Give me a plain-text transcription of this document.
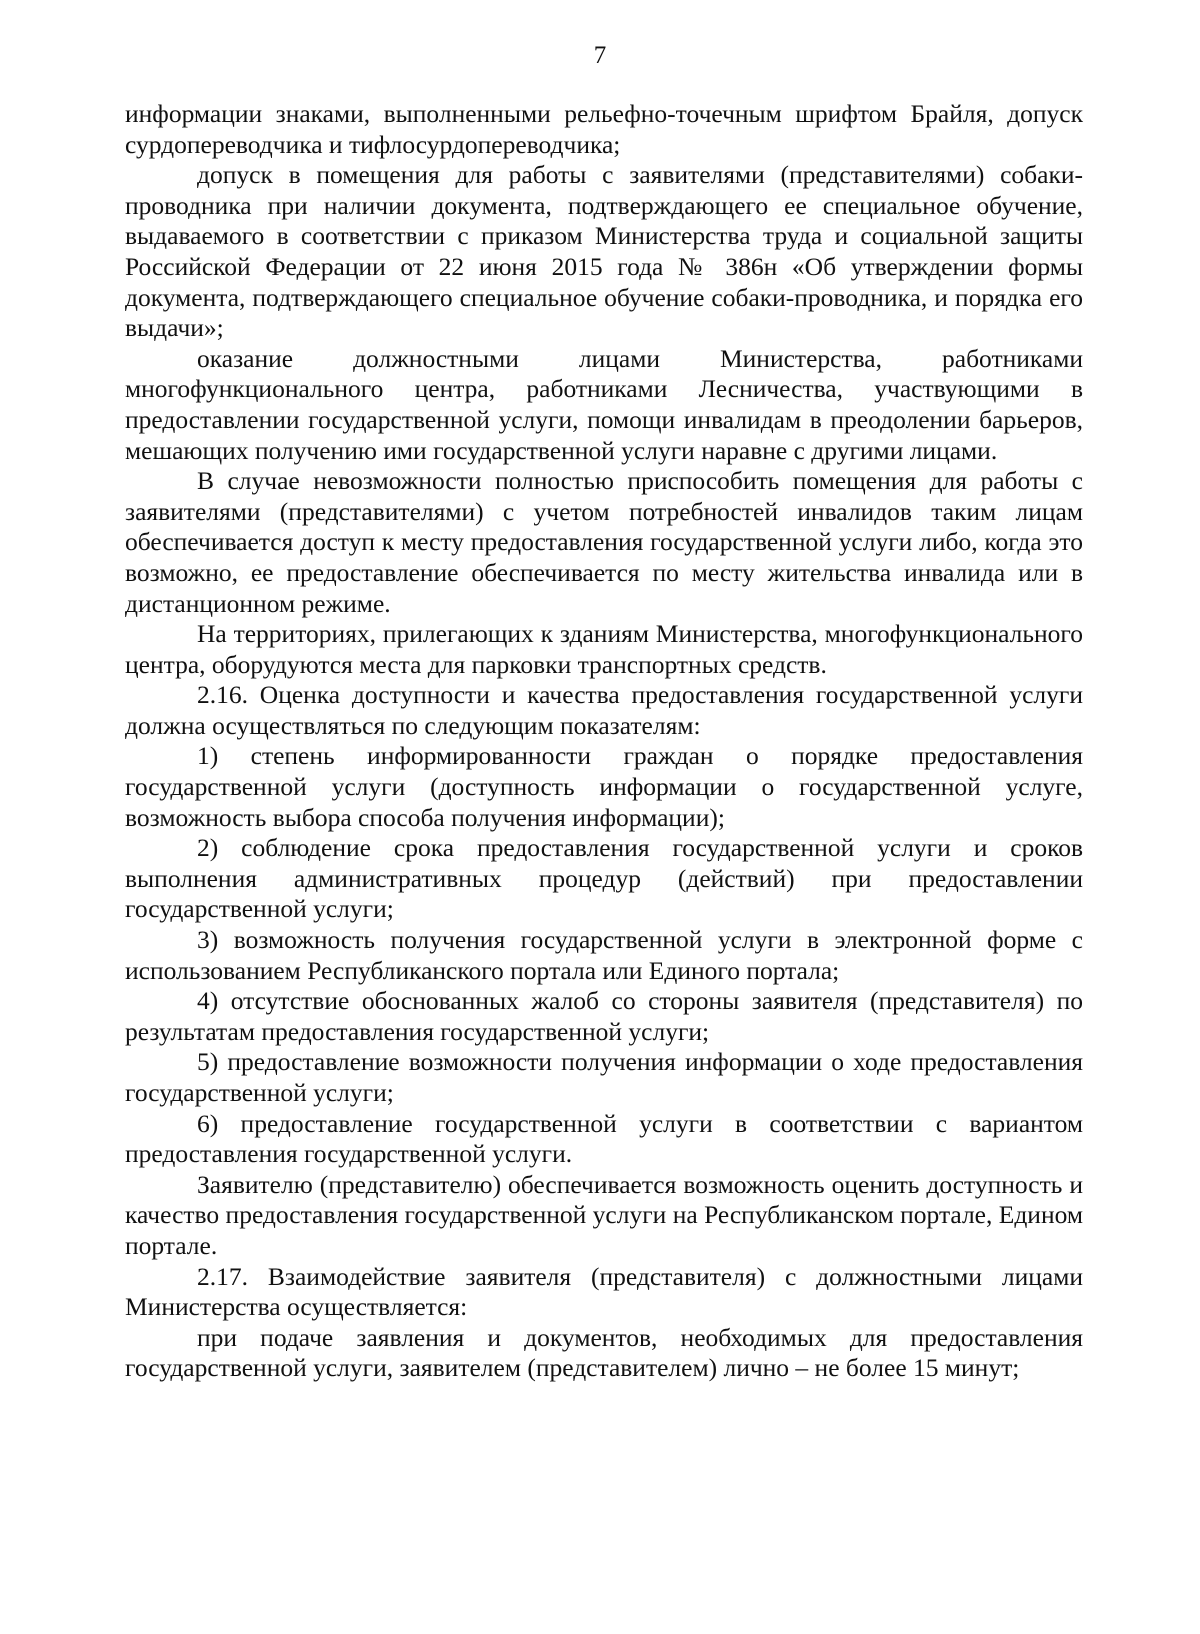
7

информации знаками, выполненными рельефно-точечным шрифтом Брайля, допуск сурдопереводчика и тифлосурдопереводчика;

допуск в помещения для работы с заявителями (представителями) собаки-проводника при наличии документа, подтверждающего ее специальное обучение, выдаваемого в соответствии с приказом Министерства труда и социальной защиты Российской Федерации от 22 июня 2015 года № 386н «Об утверждении формы документа, подтверждающего специальное обучение собаки-проводника, и порядка его выдачи»;

оказание должностными лицами Министерства, работниками многофункционального центра, работниками Лесничества, участвующими в предоставлении государственной услуги, помощи инвалидам в преодолении барьеров, мешающих получению ими государственной услуги наравне с другими лицами.

В случае невозможности полностью приспособить помещения для работы с заявителями (представителями) с учетом потребностей инвалидов таким лицам обеспечивается доступ к месту предоставления государственной услуги либо, когда это возможно, ее предоставление обеспечивается по месту жительства инвалида или в дистанционном режиме.

На территориях, прилегающих к зданиям Министерства, многофункционального центра, оборудуются места для парковки транспортных средств.

2.16. Оценка доступности и качества предоставления государственной услуги должна осуществляться по следующим показателям:

1) степень информированности граждан о порядке предоставления государственной услуги (доступность информации о государственной услуге, возможность выбора способа получения информации);

2) соблюдение срока предоставления государственной услуги и сроков выполнения административных процедур (действий) при предоставлении государственной услуги;

3) возможность получения государственной услуги в электронной форме с использованием Республиканского портала или Единого портала;

4) отсутствие обоснованных жалоб со стороны заявителя (представителя) по результатам предоставления государственной услуги;

5) предоставление возможности получения информации о ходе предоставления государственной услуги;

6) предоставление государственной услуги в соответствии с вариантом предоставления государственной услуги.

Заявителю (представителю) обеспечивается возможность оценить доступность и качество предоставления государственной услуги на Республиканском портале, Едином портале.

2.17. Взаимодействие заявителя (представителя) с должностными лицами Министерства осуществляется:

при подаче заявления и документов, необходимых для предоставления государственной услуги, заявителем (представителем) лично – не более 15 минут;
